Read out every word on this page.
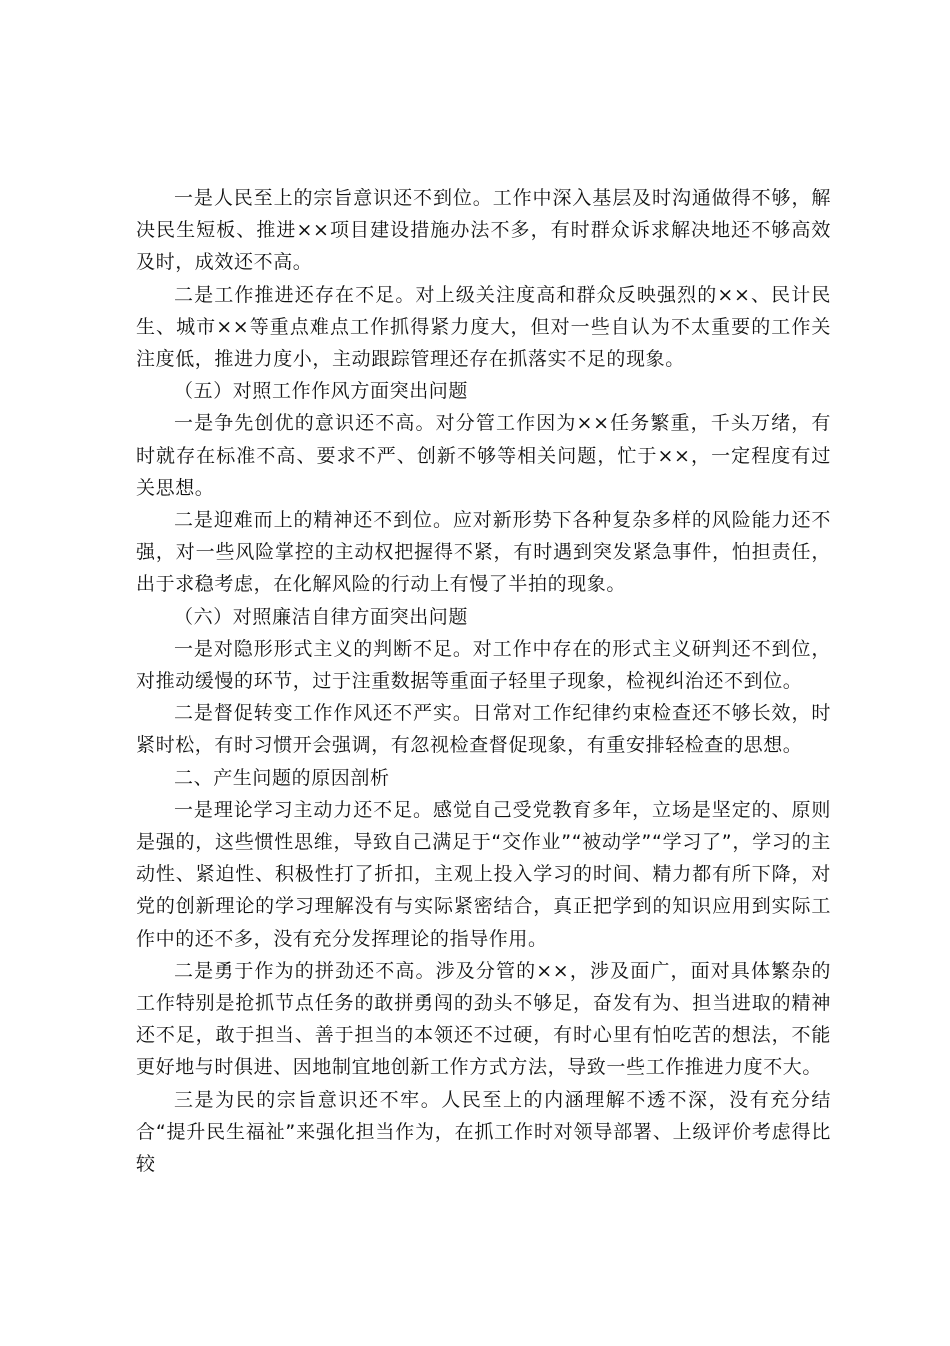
一是人民至上的宗旨意识还不到位。工作中深入基层及时沟通做得不够，解决民生短板、推进××项目建设措施办法不多，有时群众诉求解决地还不够高效及时，成效还不高。

二是工作推进还存在不足。对上级关注度高和群众反映强烈的××、民计民生、城市××等重点难点工作抓得紧力度大，但对一些自认为不太重要的工作关注度低，推进力度小，主动跟踪管理还存在抓落实不足的现象。

（五）对照工作作风方面突出问题

一是争先创优的意识还不高。对分管工作因为××任务繁重，千头万绪，有时就存在标准不高、要求不严、创新不够等相关问题，忙于××，一定程度有过关思想。

二是迎难而上的精神还不到位。应对新形势下各种复杂多样的风险能力还不强，对一些风险掌控的主动权把握得不紧，有时遇到突发紧急事件，怕担责任，出于求稳考虑，在化解风险的行动上有慢了半拍的现象。

（六）对照廉洁自律方面突出问题

一是对隐形形式主义的判断不足。对工作中存在的形式主义研判还不到位，对推动缓慢的环节，过于注重数据等重面子轻里子现象，检视纠治还不到位。

二是督促转变工作作风还不严实。日常对工作纪律约束检查还不够长效，时紧时松，有时习惯开会强调，有忽视检查督促现象，有重安排轻检查的思想。

二、产生问题的原因剖析

一是理论学习主动力还不足。感觉自己受党教育多年，立场是坚定的、原则是强的，这些惯性思维，导致自己满足于“交作业”“被动学”“学习了”，学习的主动性、紧迫性、积极性打了折扣，主观上投入学习的时间、精力都有所下降，对党的创新理论的学习理解没有与实际紧密结合，真正把学到的知识应用到实际工作中的还不多，没有充分发挥理论的指导作用。

二是勇于作为的拼劲还不高。涉及分管的××，涉及面广，面对具体繁杂的工作特别是抢抓节点任务的敢拼勇闯的劲头不够足，奋发有为、担当进取的精神还不足，敢于担当、善于担当的本领还不过硬，有时心里有怕吃苦的想法，不能更好地与时俱进、因地制宜地创新工作方式方法，导致一些工作推进力度不大。

三是为民的宗旨意识还不牢。人民至上的内涵理解不透不深，没有充分结合“提升民生福祉”来强化担当作为，在抓工作时对领导部署、上级评价考虑得比较
